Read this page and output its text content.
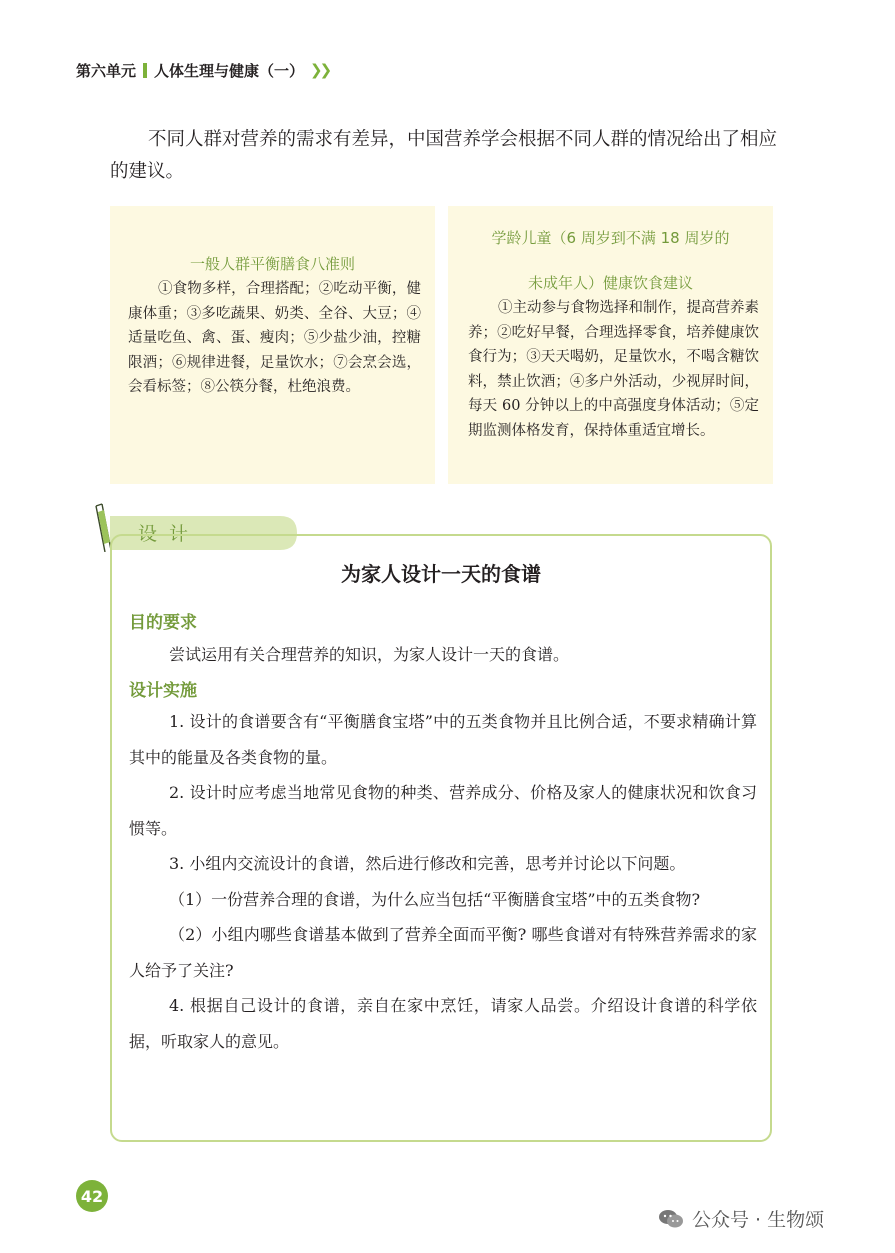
第六单元 人体生理与健康（一） ❯❯

不同人群对营养的需求有差异，中国营养学会根据不同人群的情况给出了相应的建议。

一般人群平衡膳食八准则

①食物多样，合理搭配；②吃动平衡，健康体重；③多吃蔬果、奶类、全谷、大豆；④适量吃鱼、禽、蛋、瘦肉；⑤少盐少油，控糖限酒；⑥规律进餐，足量饮水；⑦会烹会选，会看标签；⑧公筷分餐，杜绝浪费。

学龄儿童（6 周岁到不满 18 周岁的

未成年人）健康饮食建议

①主动参与食物选择和制作，提高营养素养；②吃好早餐，合理选择零食，培养健康饮食行为；③天天喝奶，足量饮水，不喝含糖饮料，禁止饮酒；④多户外活动，少视屏时间，每天 60 分钟以上的中高强度身体活动；⑤定期监测体格发育，保持体重适宜增长。

设计
为家人设计一天的食谱
目的要求

尝试运用有关合理营养的知识，为家人设计一天的食谱。

设计实施

1. 设计的食谱要含有“平衡膳食宝塔”中的五类食物并且比例合适，不要求精确计算其中的能量及各类食物的量。

2. 设计时应考虑当地常见食物的种类、营养成分、价格及家人的健康状况和饮食习惯等。

3. 小组内交流设计的食谱，然后进行修改和完善，思考并讨论以下问题。

（1）一份营养合理的食谱，为什么应当包括“平衡膳食宝塔”中的五类食物?

（2）小组内哪些食谱基本做到了营养全面而平衡? 哪些食谱对有特殊营养需求的家人给予了关注?

4. 根据自己设计的食谱，亲自在家中烹饪，请家人品尝。介绍设计食谱的科学依据，听取家人的意见。

42
公众号 · 生物颂
